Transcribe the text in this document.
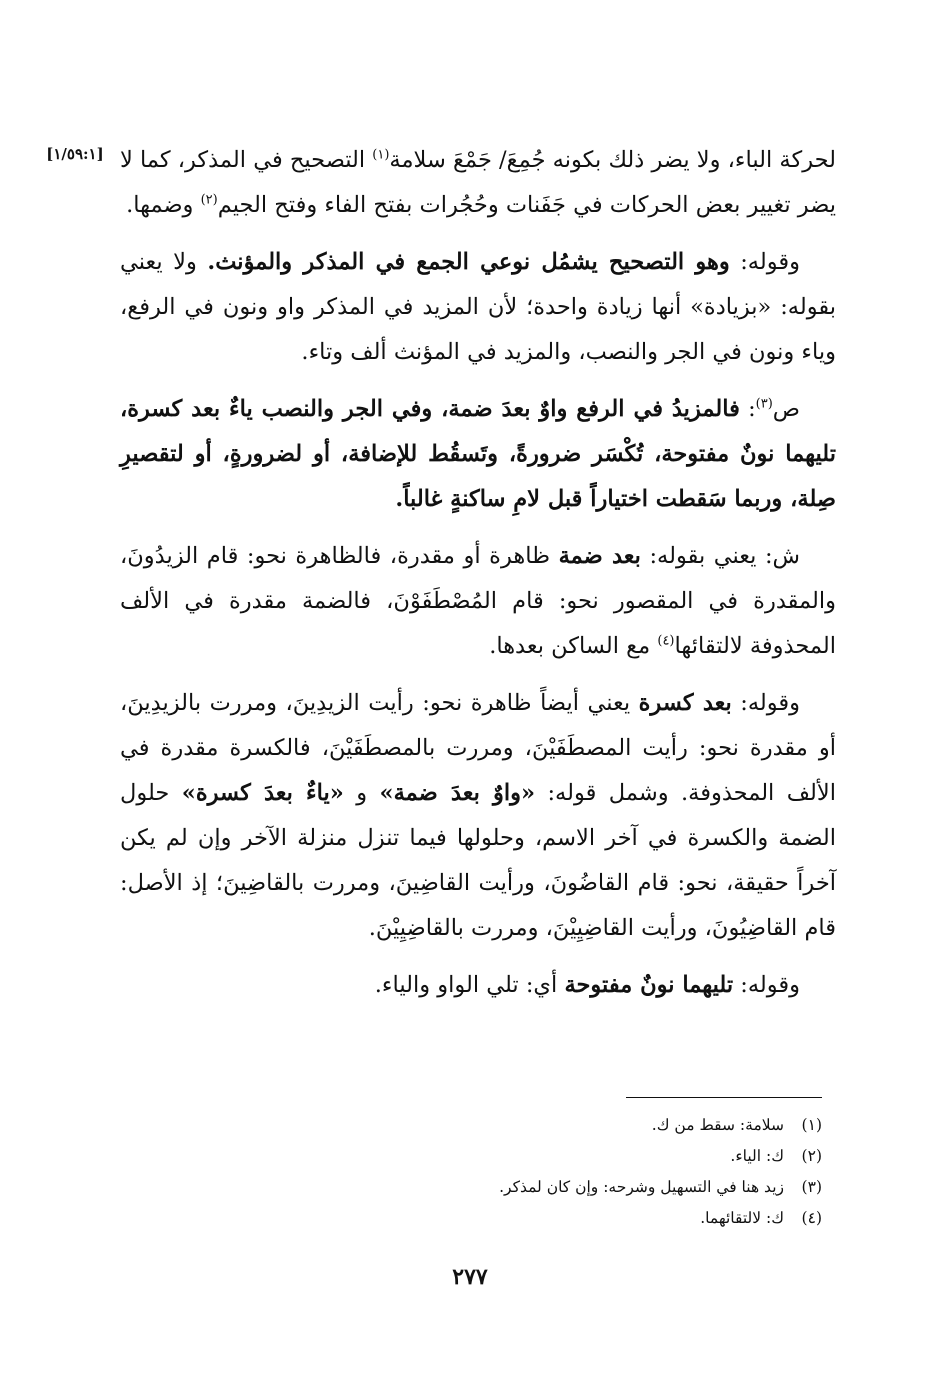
[١/٥٩:١]	لحركة الباء، ولا يضر ذلك بكونه جُمِعَ/ جَمْعَ سلامة$^{(١)}$ التصحيح في المذكر، كما لا يضر تغيير بعض الحركات في جَفَنات وحُجُرات بفتح الفاء وفتح الجيم$^{(٢)}$ وضمها.

وقوله: وهو التصحيح يشمُل نوعي الجمع في المذكر والمؤنث. ولا يعني بقوله: «بزيادة» أنها زيادة واحدة؛ لأن المزيد في المذكر واو ونون في الرفع، وياء ونون في الجر والنصب، والمزيد في المؤنث ألف وتاء.

ص$^{(٣)}$: فالمزيدُ في الرفع واوٌ بعدَ ضمة، وفي الجر والنصب ياءٌ بعد كسرة، تليهما نونٌ مفتوحة، تُكْسَر ضرورةً، وتَسقُط للإضافة، أو لضرورةٍ، أو لتقصيرِ صِلة، وربما سَقطت اختياراً قبل لامِ ساكنةٍ غالباً.

ش: يعني بقوله: بعد ضمة ظاهرة أو مقدرة، فالظاهرة نحو: قام الزيدُونَ، والمقدرة في المقصور نحو: قام المُصْطَفَوْنَ، فالضمة مقدرة في الألف المحذوفة لالتقائها$^{(٤)}$ مع الساكن بعدها.

وقوله: بعد كسرة يعني أيضاً ظاهرة نحو: رأيت الزيدِينَ، ومررت بالزيدِينَ، أو مقدرة نحو: رأيت المصطَفَيْنَ، ومررت بالمصطَفَيْنَ، فالكسرة مقدرة في الألف المحذوفة. وشمل قوله: «واوٌ بعدَ ضمة» و «ياءٌ بعدَ كسرة» حلول الضمة والكسرة في آخر الاسم، وحلولها فيما تنزل منزلة الآخر وإن لم يكن آخراً حقيقة، نحو: قام القاضُونَ، ورأيت القاضِينَ، ومررت بالقاضِينَ؛ إذ الأصل: قام القاضِيُونَ، ورأيت القاضِيِيْنَ، ومررت بالقاضِيِيْنَ.

وقوله: تليهما نونٌ مفتوحة أي: تلي الواو والياء.

(١)سلامة: سقط من ك.
(٢)ك: الياء.
(٣)زيد هنا في التسهيل وشرحه: وإن كان لمذكر.
(٤)ك: لالتقائهما.
٢٧٧
